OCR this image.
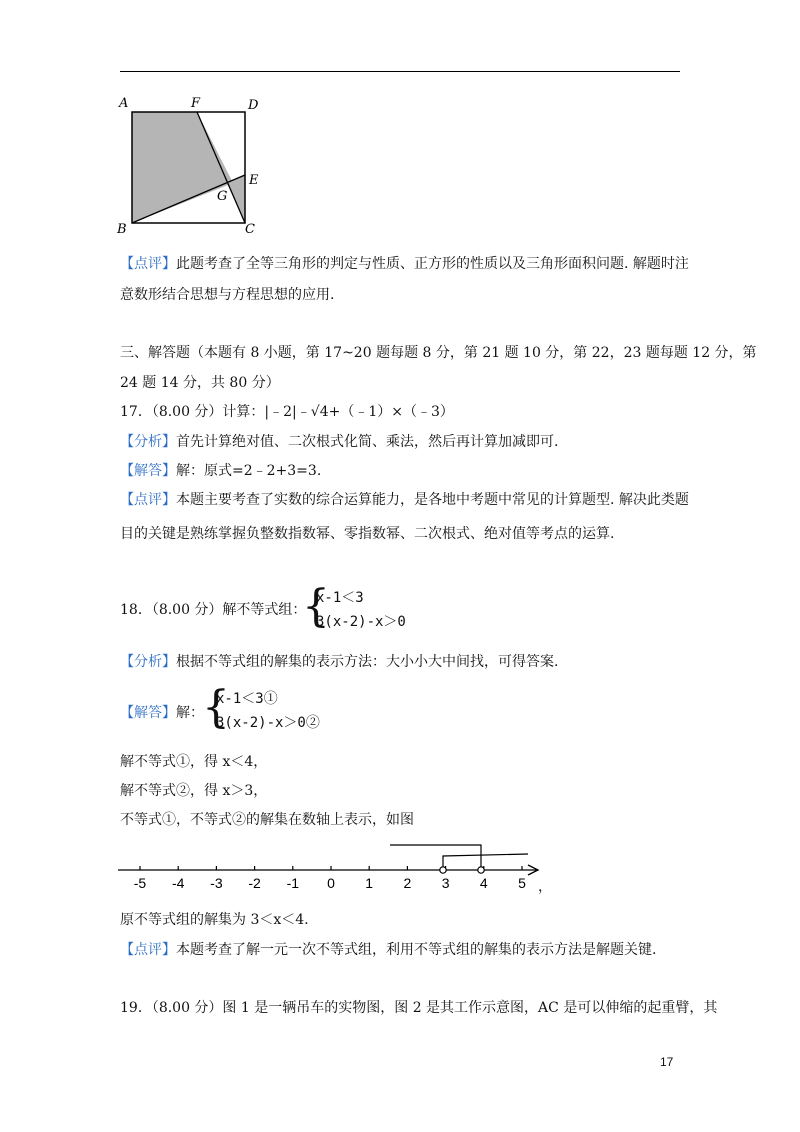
A	F	D
E
G
B	C
【点评】此题考查了全等三角形的判定与性质、正方形的性质以及三角形面积问题. 解题时注
意数形结合思想与方程思想的应用.
三、解答题（本题有 8 小题，第 17~20 题每题 8 分，第 21 题 10 分，第 22，23 题每题 12 分，第
24 题 14 分，共 80 分）
17．（8.00 分）计算：|﹣2|﹣√4+（﹣1）×（﹣3）
【分析】首先计算绝对值、二次根式化简、乘法，然后再计算加减即可.
【解答】解：原式=2﹣2+3=3.
【点评】本题主要考查了实数的综合运算能力，是各地中考题中常见的计算题型. 解决此类题
目的关键是熟练掌握负整数指数幂、零指数幂、二次根式、绝对值等考点的运算.
18．（8.00 分）解不等式组：
{
x-1＜3
3(x-2)-x＞0
【分析】根据不等式组的解集的表示方法：大小小大中间找，可得答案.
【解答】解：
{
x-1＜3①
3(x-2)-x＞0②
解不等式①，得 x＜4，
解不等式②，得 x＞3，
不等式①，不等式②的解集在数轴上表示，如图
-5 -4 -3 -2 -1 0 1 2 3 4 5 ，
原不等式组的解集为 3＜x＜4.
【点评】本题考查了解一元一次不等式组，利用不等式组的解集的表示方法是解题关键.
19．（8.00 分）图 1 是一辆吊车的实物图，图 2 是其工作示意图，AC 是可以伸缩的起重臂，其
17
